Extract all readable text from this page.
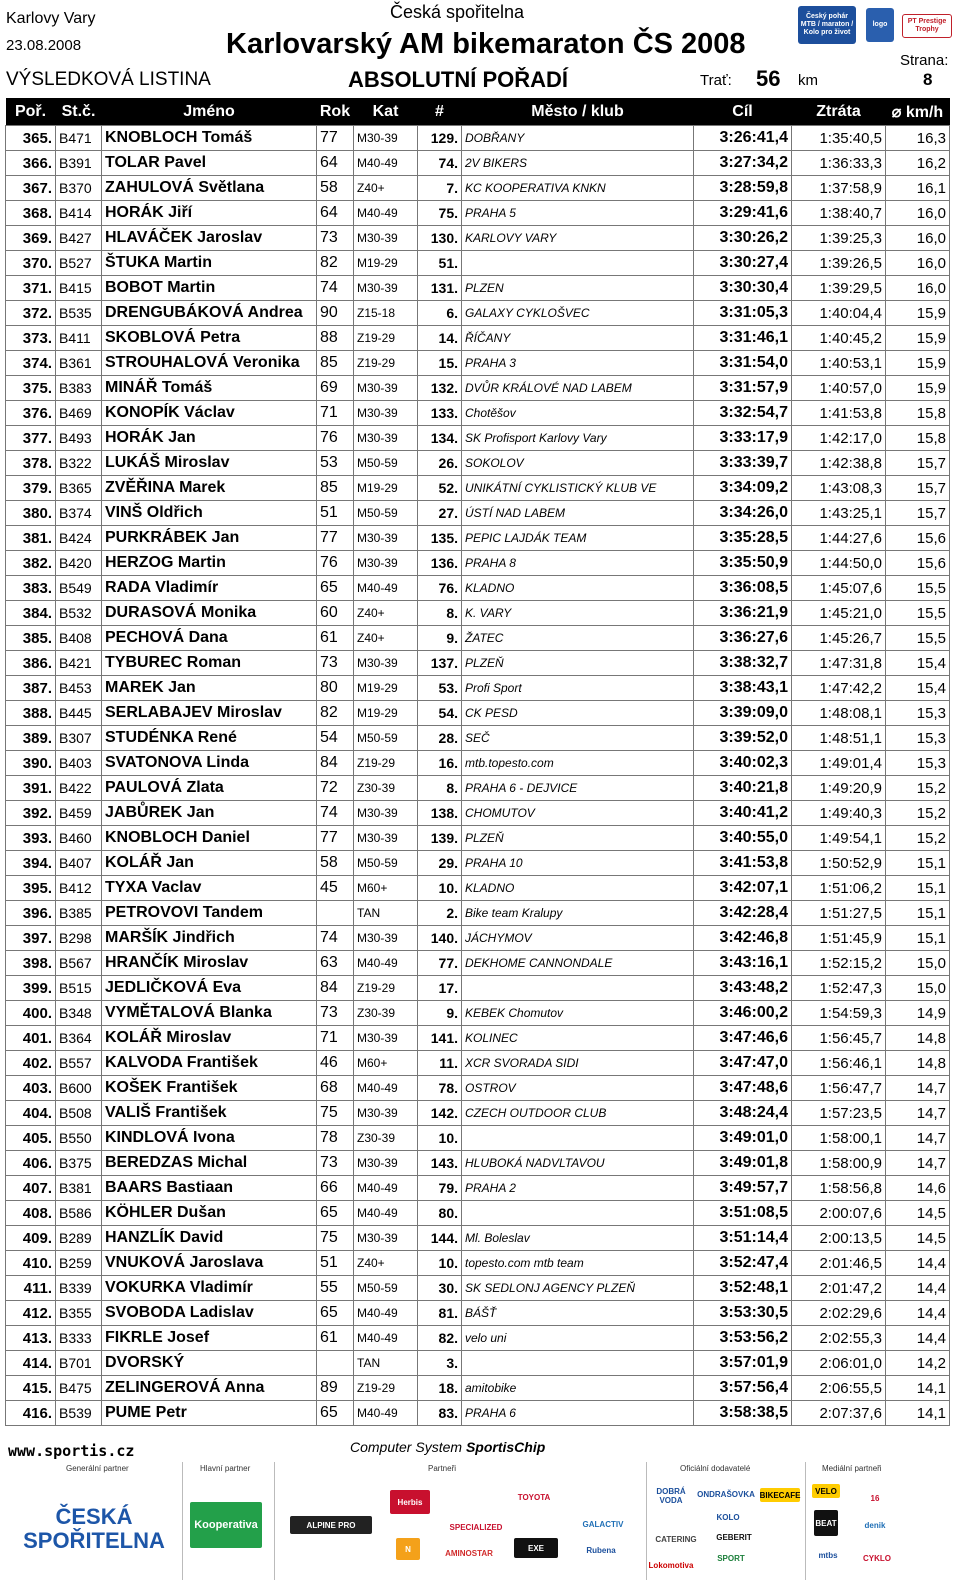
Karlovy Vary
23.08.2008
VÝSLEDKOVÁ LISTINA
Česká spořitelna
Karlovarský AM bikemaraton ČS 2008
ABSOLUTNÍ POŘADÍ	Trať: 56 km
Strana:
8
Český pohár MTB / maraton / Kolo pro život
logo	PT Prestige Trophy
Poř.	St.č.	Jméno	Rok	Kat	#	Město / klub	Cíl	Ztráta	⌀ km/h
365.	B471	KNOBLOCH Tomáš	77	M30-39	129.	DOBŘANY	3:26:41,4	1:35:40,5	16,3
366.	B391	TOLAR Pavel	64	M40-49	74.	2V BIKERS	3:27:34,2	1:36:33,3	16,2
367.	B370	ZAHULOVÁ Světlana	58	Z40+	7.	KC KOOPERATIVA KNKN	3:28:59,8	1:37:58,9	16,1
368.	B414	HORÁK Jiří	64	M40-49	75.	PRAHA 5	3:29:41,6	1:38:40,7	16,0
369.	B427	HLAVÁČEK Jaroslav	73	M30-39	130.	KARLOVY VARY	3:30:26,2	1:39:25,3	16,0
370.	B527	ŠTUKA Martin	82	M19-29	51.		3:30:27,4	1:39:26,5	16,0
371.	B415	BOBOT Martin	74	M30-39	131.	PLZEN	3:30:30,4	1:39:29,5	16,0
372.	B535	DRENGUBÁKOVÁ Andrea	90	Z15-18	6.	GALAXY CYKLOŠVEC	3:31:05,3	1:40:04,4	15,9
373.	B411	SKOBLOVÁ Petra	88	Z19-29	14.	ŘÍČANY	3:31:46,1	1:40:45,2	15,9
374.	B361	STROUHALOVÁ Veronika	85	Z19-29	15.	PRAHA 3	3:31:54,0	1:40:53,1	15,9
375.	B383	MINÁŘ Tomáš	69	M30-39	132.	DVŮR KRÁLOVÉ NAD LABEM	3:31:57,9	1:40:57,0	15,9
376.	B469	KONOPÍK Václav	71	M30-39	133.	Chotěšov	3:32:54,7	1:41:53,8	15,8
377.	B493	HORÁK Jan	76	M30-39	134.	SK Profisport Karlovy Vary	3:33:17,9	1:42:17,0	15,8
378.	B322	LUKÁŠ Miroslav	53	M50-59	26.	SOKOLOV	3:33:39,7	1:42:38,8	15,7
379.	B365	ZVĚŘINA Marek	85	M19-29	52.	UNIKÁTNÍ CYKLISTICKÝ KLUB VE	3:34:09,2	1:43:08,3	15,7
380.	B374	VINŠ Oldřich	51	M50-59	27.	ÚSTÍ NAD LABEM	3:34:26,0	1:43:25,1	15,7
381.	B424	PURKRÁBEK Jan	77	M30-39	135.	PEPIC LAJDÁK TEAM	3:35:28,5	1:44:27,6	15,6
382.	B420	HERZOG Martin	76	M30-39	136.	PRAHA 8	3:35:50,9	1:44:50,0	15,6
383.	B549	RADA Vladimír	65	M40-49	76.	KLADNO	3:36:08,5	1:45:07,6	15,5
384.	B532	DURASOVÁ Monika	60	Z40+	8.	K. VARY	3:36:21,9	1:45:21,0	15,5
385.	B408	PECHOVÁ Dana	61	Z40+	9.	ŽATEC	3:36:27,6	1:45:26,7	15,5
386.	B421	TYBUREC Roman	73	M30-39	137.	PLZEŇ	3:38:32,7	1:47:31,8	15,4
387.	B453	MAREK Jan	80	M19-29	53.	Profi Sport	3:38:43,1	1:47:42,2	15,4
388.	B445	SERLABAJEV Miroslav	82	M19-29	54.	CK PESD	3:39:09,0	1:48:08,1	15,3
389.	B307	STUDÉNKA René	54	M50-59	28.	SEČ	3:39:52,0	1:48:51,1	15,3
390.	B403	SVATONOVA Linda	84	Z19-29	16.	mtb.topesto.com	3:40:02,3	1:49:01,4	15,3
391.	B422	PAULOVÁ Zlata	72	Z30-39	8.	PRAHA 6 - DEJVICE	3:40:21,8	1:49:20,9	15,2
392.	B459	JABŮREK Jan	74	M30-39	138.	CHOMUTOV	3:40:41,2	1:49:40,3	15,2
393.	B460	KNOBLOCH Daniel	77	M30-39	139.	PLZEŇ	3:40:55,0	1:49:54,1	15,2
394.	B407	KOLÁŘ Jan	58	M50-59	29.	PRAHA 10	3:41:53,8	1:50:52,9	15,1
395.	B412	TYXA Vaclav	45	M60+	10.	KLADNO	3:42:07,1	1:51:06,2	15,1
396.	B385	PETROVOVI Tandem		TAN	2.	Bike team Kralupy	3:42:28,4	1:51:27,5	15,1
397.	B298	MARŠÍK Jindřich	74	M30-39	140.	JÁCHYMOV	3:42:46,8	1:51:45,9	15,1
398.	B567	HRANČÍK Miroslav	63	M40-49	77.	DEKHOME CANNONDALE	3:43:16,1	1:52:15,2	15,0
399.	B515	JEDLIČKOVÁ Eva	84	Z19-29	17.		3:43:48,2	1:52:47,3	15,0
400.	B348	VYMĚTALOVÁ Blanka	73	Z30-39	9.	KEBEK Chomutov	3:46:00,2	1:54:59,3	14,9
401.	B364	KOLÁŘ Miroslav	71	M30-39	141.	KOLINEC	3:47:46,6	1:56:45,7	14,8
402.	B557	KALVODA František	46	M60+	11.	XCR SVORADA SIDI	3:47:47,0	1:56:46,1	14,8
403.	B600	KOŠEK František	68	M40-49	78.	OSTROV	3:47:48,6	1:56:47,7	14,7
404.	B508	VALIŠ František	75	M30-39	142.	CZECH OUTDOOR CLUB	3:48:24,4	1:57:23,5	14,7
405.	B550	KINDLOVÁ Ivona	78	Z30-39	10.		3:49:01,0	1:58:00,1	14,7
406.	B375	BEREDZAS Michal	73	M30-39	143.	HLUBOKÁ NADVLTAVOU	3:49:01,8	1:58:00,9	14,7
407.	B381	BAARS Bastiaan	66	M40-49	79.	PRAHA 2	3:49:57,7	1:58:56,8	14,6
408.	B586	KÖHLER Dušan	65	M40-49	80.		3:51:08,5	2:00:07,6	14,5
409.	B289	HANZLÍK David	75	M30-39	144.	Ml. Boleslav	3:51:14,4	2:00:13,5	14,5
410.	B259	VNUKOVÁ Jaroslava	51	Z40+	10.	topesto.com mtb team	3:52:47,4	2:01:46,5	14,4
411.	B339	VOKURKA Vladimír	55	M50-59	30.	SK SEDLONJ AGENCY PLZEŇ	3:52:48,1	2:01:47,2	14,4
412.	B355	SVOBODA Ladislav	65	M40-49	81.	BÁŠŤ	3:53:30,5	2:02:29,6	14,4
413.	B333	FIKRLE Josef	61	M40-49	82.	velo uni	3:53:56,2	2:02:55,3	14,4
414.	B701	DVORSKÝ		TAN	3.		3:57:01,9	2:06:01,0	14,2
415.	B475	ZELINGEROVÁ Anna	89	Z19-29	18.	amitobike	3:57:56,4	2:06:55,5	14,1
416.	B539	PUME Petr	65	M40-49	83.	PRAHA 6	3:58:38,5	2:07:37,6	14,1
www.sportis.cz	Computer System SportisChip
Generální partner	Hlavní partner	Partneři	Oficiální dodavatelé	Mediální partneři
ČESKÁ SPOŘITELNA
Kooperativa	ALPINE PRO
Herbis
TOYOTA
SPECIALIZED	GALACTIV
AMINOSTAR
EXE	Rubena
N
DOBRÁ VODA
ONDRAŠOVKA BIKECAFE
KOLO
CATERING	GEBERIT
SPORT
Lokomotiva
VELO
BEAT
16
denik
mtbs	CYKLO
